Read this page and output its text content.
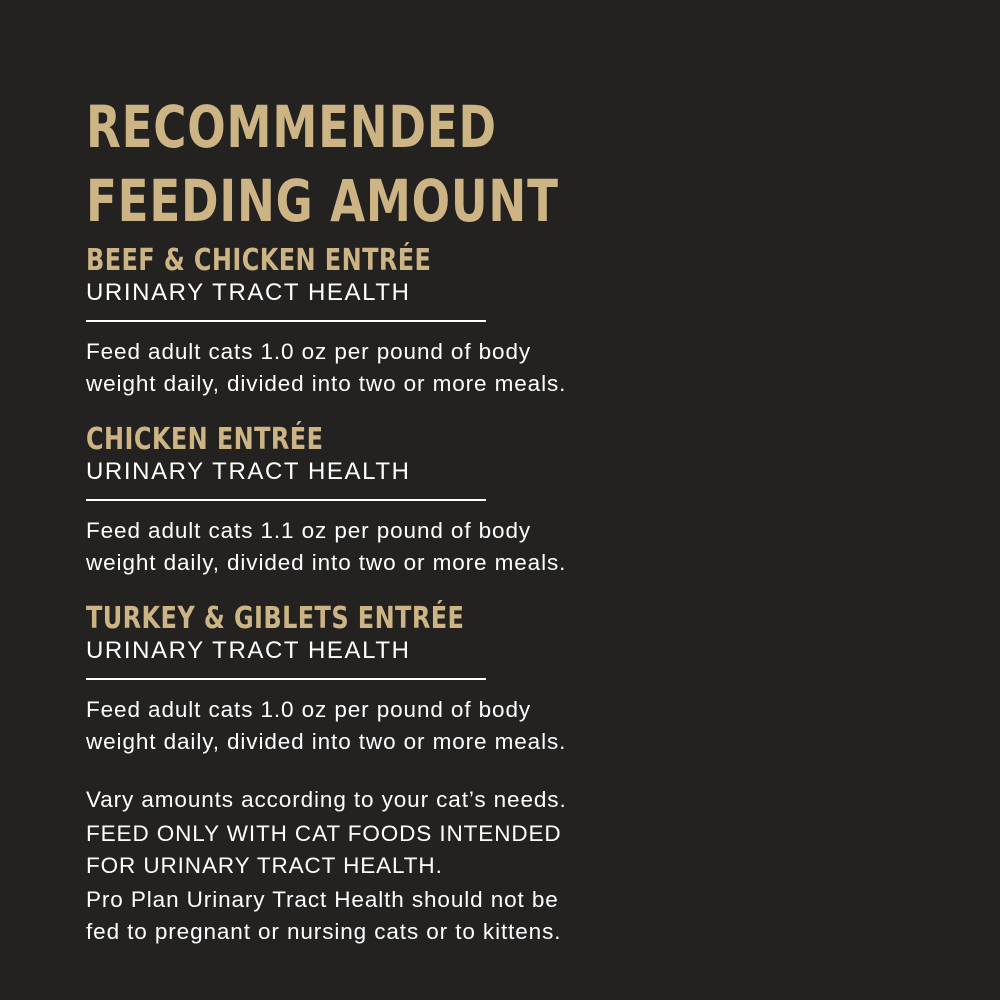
RECOMMENDED
FEEDING AMOUNT
BEEF & CHICKEN ENTRÉE

URINARY TRACT HEALTH

Feed adult cats 1.0 oz per pound of body
weight daily, divided into two or more meals.

CHICKEN ENTRÉE

URINARY TRACT HEALTH

Feed adult cats 1.1 oz per pound of body
weight daily, divided into two or more meals.

TURKEY & GIBLETS ENTRÉE

URINARY TRACT HEALTH

Feed adult cats 1.0 oz per pound of body
weight daily, divided into two or more meals.

Vary amounts according to your cat’s needs.

FEED ONLY WITH CAT FOODS INTENDED
FOR URINARY TRACT HEALTH.

Pro Plan Urinary Tract Health should not be
fed to pregnant or nursing cats or to kittens.
